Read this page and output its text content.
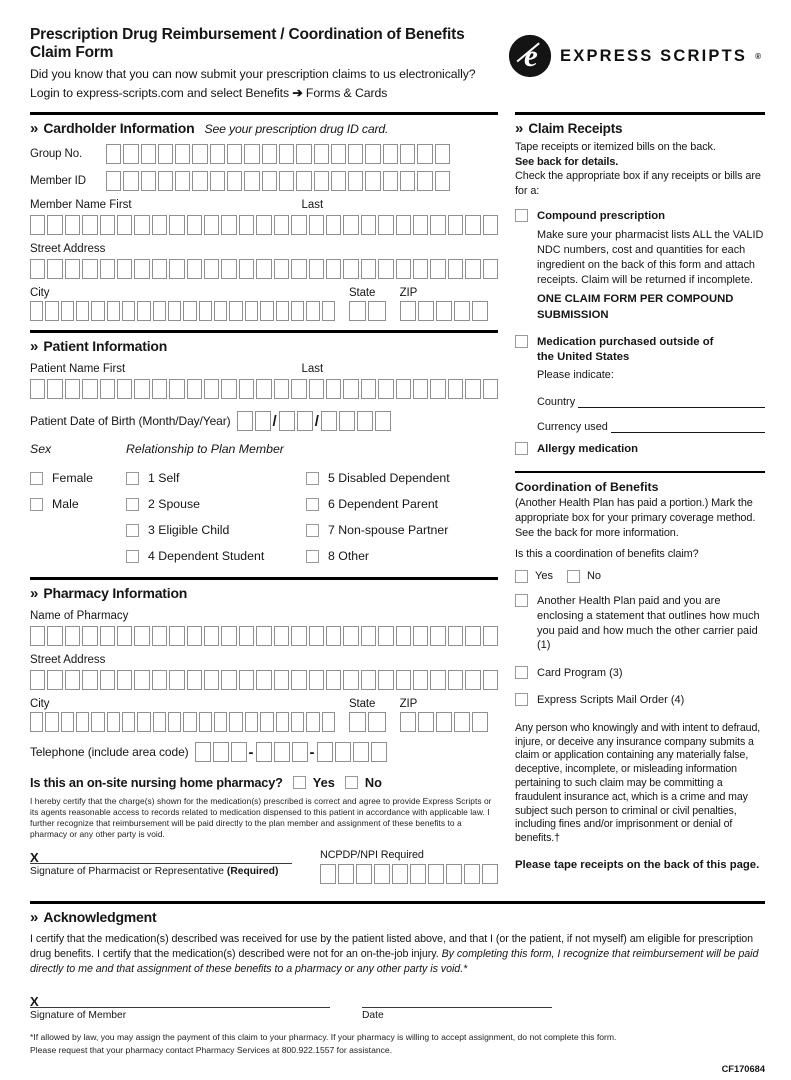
Prescription Drug Reimbursement / Coordination of Benefits Claim Form
Did you know that you can now submit your prescription claims to us electronically?
Login to express-scripts.com and select Benefits ➔ Forms & Cards
e EXPRESS SCRIPTS ®
» Cardholder Information See your prescription drug ID card.
Group No.
Member ID
Member Name First	Last
Street Address
City	State	ZIP
» Patient Information
Patient Name First	Last
Patient Date of Birth (Month/Day/Year)	/	/
Sex	Relationship to Plan Member
Female
Male
1 Self
2 Spouse
3 Eligible Child
4 Dependent Student
5 Disabled Dependent
6 Dependent Parent
7 Non-spouse Partner
8 Other
» Pharmacy Information
Name of Pharmacy
Street Address
City	State	ZIP
Telephone (include area code)	-	-
Is this an on-site nursing home pharmacy? Yes No
I hereby certify that the charge(s) shown for the medication(s) prescribed is correct and agree to provide Express Scripts or its agents reasonable access to records related to medication dispensed to this patient in accordance with applicable law. I further recognize that reimbursement will be paid directly to the plan member and assignment of these benefits to a pharmacy or any other party is void.
X
Signature of Pharmacist or Representative (Required)
NCPDP/NPI Required
» Claim Receipts
Tape receipts or itemized bills on the back.
See back for details.
Check the appropriate box if any receipts or bills are for a:
Compound prescription
Make sure your pharmacist lists ALL the VALID NDC numbers, cost and quantities for each ingredient on the back of this form and attach receipts. Claim will be returned if incomplete.
ONE CLAIM FORM PER COMPOUND SUBMISSION
Medication purchased outside of the United States
Please indicate:
Country
Currency used
Allergy medication
Coordination of Benefits
(Another Health Plan has paid a portion.) Mark the appropriate box for your primary coverage method. See the back for more information.
Is this a coordination of benefits claim?
Yes	No
Another Health Plan paid and you are enclosing a statement that outlines how much you paid and how much the other carrier paid (1)
Card Program (3)
Express Scripts Mail Order (4)
Any person who knowingly and with intent to defraud, injure, or deceive any insurance company submits a claim or application containing any materially false, deceptive, incomplete, or misleading information pertaining to such claim may be committing a fraudulent insurance act, which is a crime and may subject such person to criminal or civil penalties, including fines and/or imprisonment or denial of benefits.†
Please tape receipts on the back of this page.
» Acknowledgment
I certify that the medication(s) described was received for use by the patient listed above, and that I (or the patient, if not myself) am eligible for prescription drug benefits. I certify that the medication(s) described were not for an on-the-job injury. By completing this form, I recognize that reimbursement will be paid directly to me and that assignment of these benefits to a pharmacy or any other party is void.*
X
Signature of Member	Date
*If allowed by law, you may assign the payment of this claim to your pharmacy. If your pharmacy is willing to accept assignment, do not complete this form.
Please request that your pharmacy contact Pharmacy Services at 800.922.1557 for assistance.
CF170684
